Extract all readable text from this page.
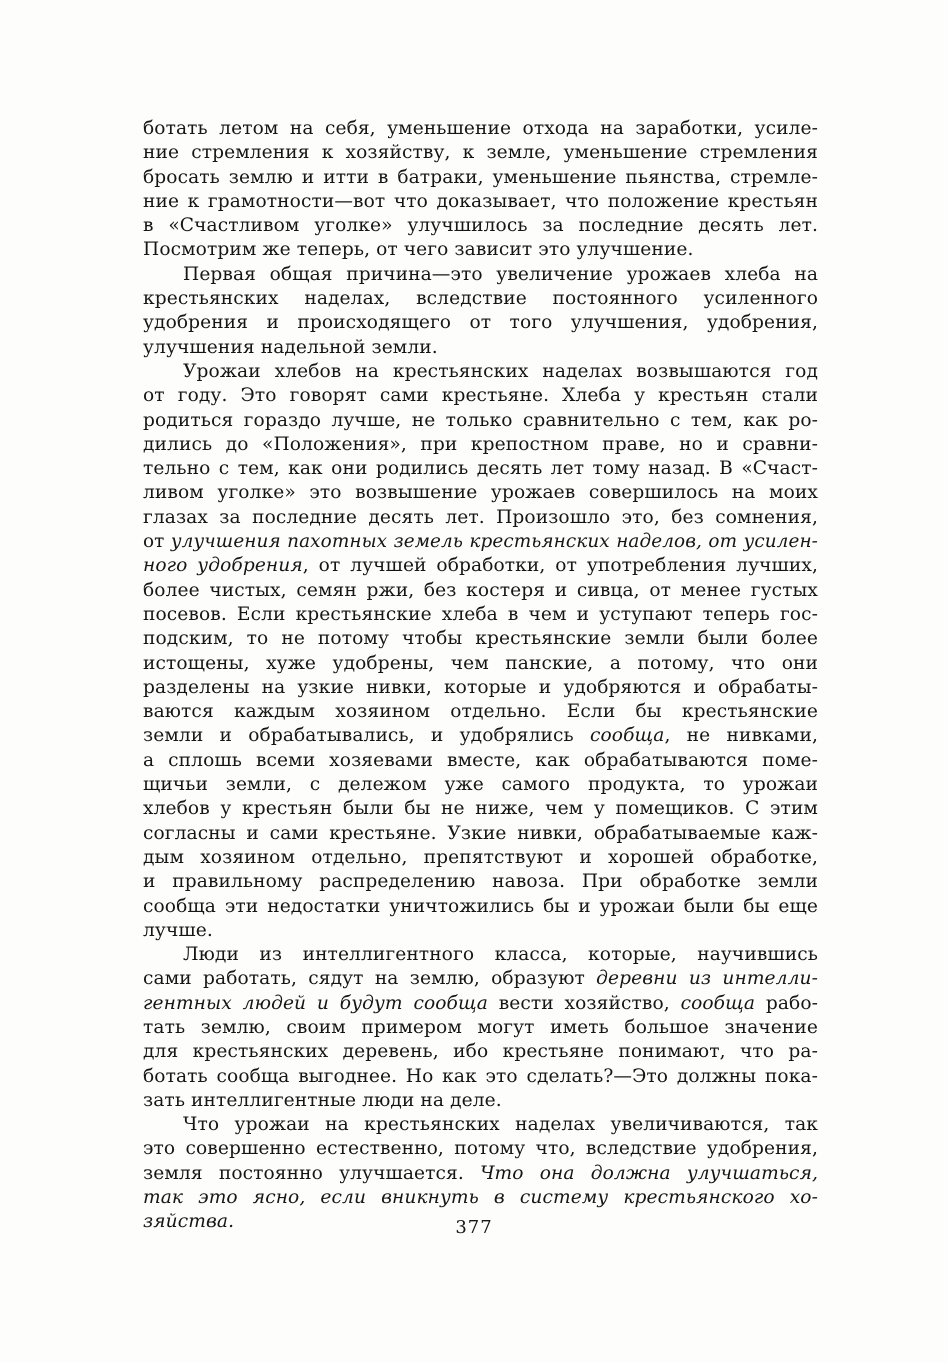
ботать летом на себя, уменьшение отхода на заработки, усиле-
ние стремления к хозяйству, к земле, уменьшение стремления
бросать землю и итти в батраки, уменьшение пьянства, стремле-
ние к грамотности—вот что доказывает, что положение крестьян
в «Счастливом уголке» улучшилось за последние десять лет.
Посмотрим же теперь, от чего зависит это улучшение.
Первая общая причина—это увеличение урожаев хлеба на
крестьянских наделах, вследствие постоянного усиленного
удобрения и происходящего от того улучшения, удобрения,
улучшения надельной земли.
Урожаи хлебов на крестьянских наделах возвышаются год
от году. Это говорят сами крестьяне. Хлеба у крестьян стали
родиться гораздо лучше, не только сравнительно с тем, как ро-
дились до «Положения», при крепостном праве, но и сравни-
тельно с тем, как они родились десять лет тому назад. В «Счаст-
ливом уголке» это возвышение урожаев совершилось на моих
глазах за последние десять лет. Произошло это, без сомнения,
от улучшения пахотных земель крестьянских наделов, от усилен-
ного удобрения, от лучшей обработки, от употребления лучших,
более чистых, семян ржи, без костеря и сивца, от менее густых
посевов. Если крестьянские хлеба в чем и уступают теперь гос-
подским, то не потому чтобы крестьянские земли были более
истощены, хуже удобрены, чем панские, а потому, что они
разделены на узкие нивки, которые и удобряются и обрабаты-
ваются каждым хозяином отдельно. Если бы крестьянские
земли и обрабатывались, и удобрялись сообща, не нивками,
а сплошь всеми хозяевами вместе, как обрабатываются поме-
щичьи земли, с дележом уже самого продукта, то урожаи
хлебов у крестьян были бы не ниже, чем у помещиков. С этим
согласны и сами крестьяне. Узкие нивки, обрабатываемые каж-
дым хозяином отдельно, препятствуют и хорошей обработке,
и правильному распределению навоза. При обработке земли
сообща эти недостатки уничтожились бы и урожаи были бы еще
лучше.
Люди из интеллигентного класса, которые, научившись
сами работать, сядут на землю, образуют деревни из интелли-
гентных людей и будут сообща вести хозяйство, сообща рабо-
тать землю, своим примером могут иметь большое значение
для крестьянских деревень, ибо крестьяне понимают, что ра-
ботать сообща выгоднее. Но как это сделать?—Это должны пока-
зать интеллигентные люди на деле.
Что урожаи на крестьянских наделах увеличиваются, так
это совершенно естественно, потому что, вследствие удобрения,
земля постоянно улучшается. Что она должна улучшаться,
так это ясно, если вникнуть в систему крестьянского хо-
зяйства.	377
